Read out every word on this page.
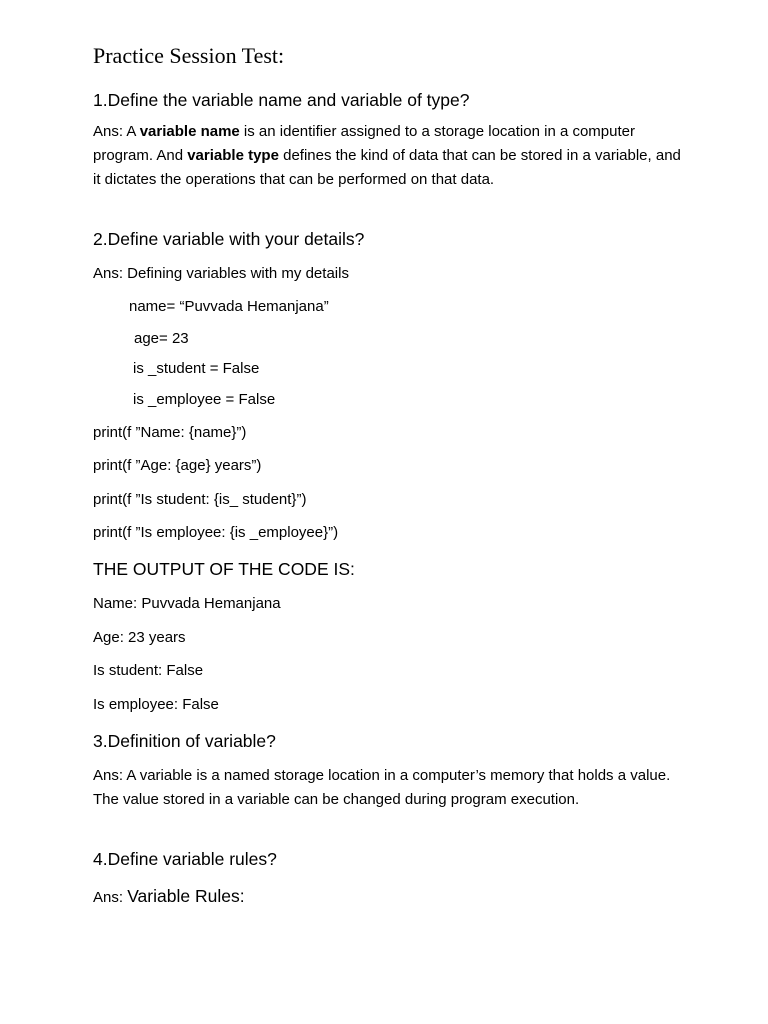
Practice Session Test:
1.Define the variable name and variable of type?
Ans: A variable name is an identifier assigned to a storage location in a computer program. And variable type defines the kind of data that can be stored in a variable, and it dictates the operations that can be performed on that data.
2.Define variable with your details?
Ans: Defining variables with my details
name= “Puvvada Hemanjana”
age= 23
is _student = False
is _employee = False
print(f ”Name: {name}”)
print(f ”Age: {age} years”)
print(f ”Is student: {is_ student}”)
print(f ”Is employee: {is _employee}”)
THE OUTPUT OF THE CODE IS:
Name: Puvvada Hemanjana
Age: 23 years
Is student: False
Is employee: False
3.Definition of variable?
Ans: A variable is a named storage location in a computer’s memory that holds a value. The value stored in a variable can be changed during program execution.
4.Define variable rules?
Ans: Variable Rules:
